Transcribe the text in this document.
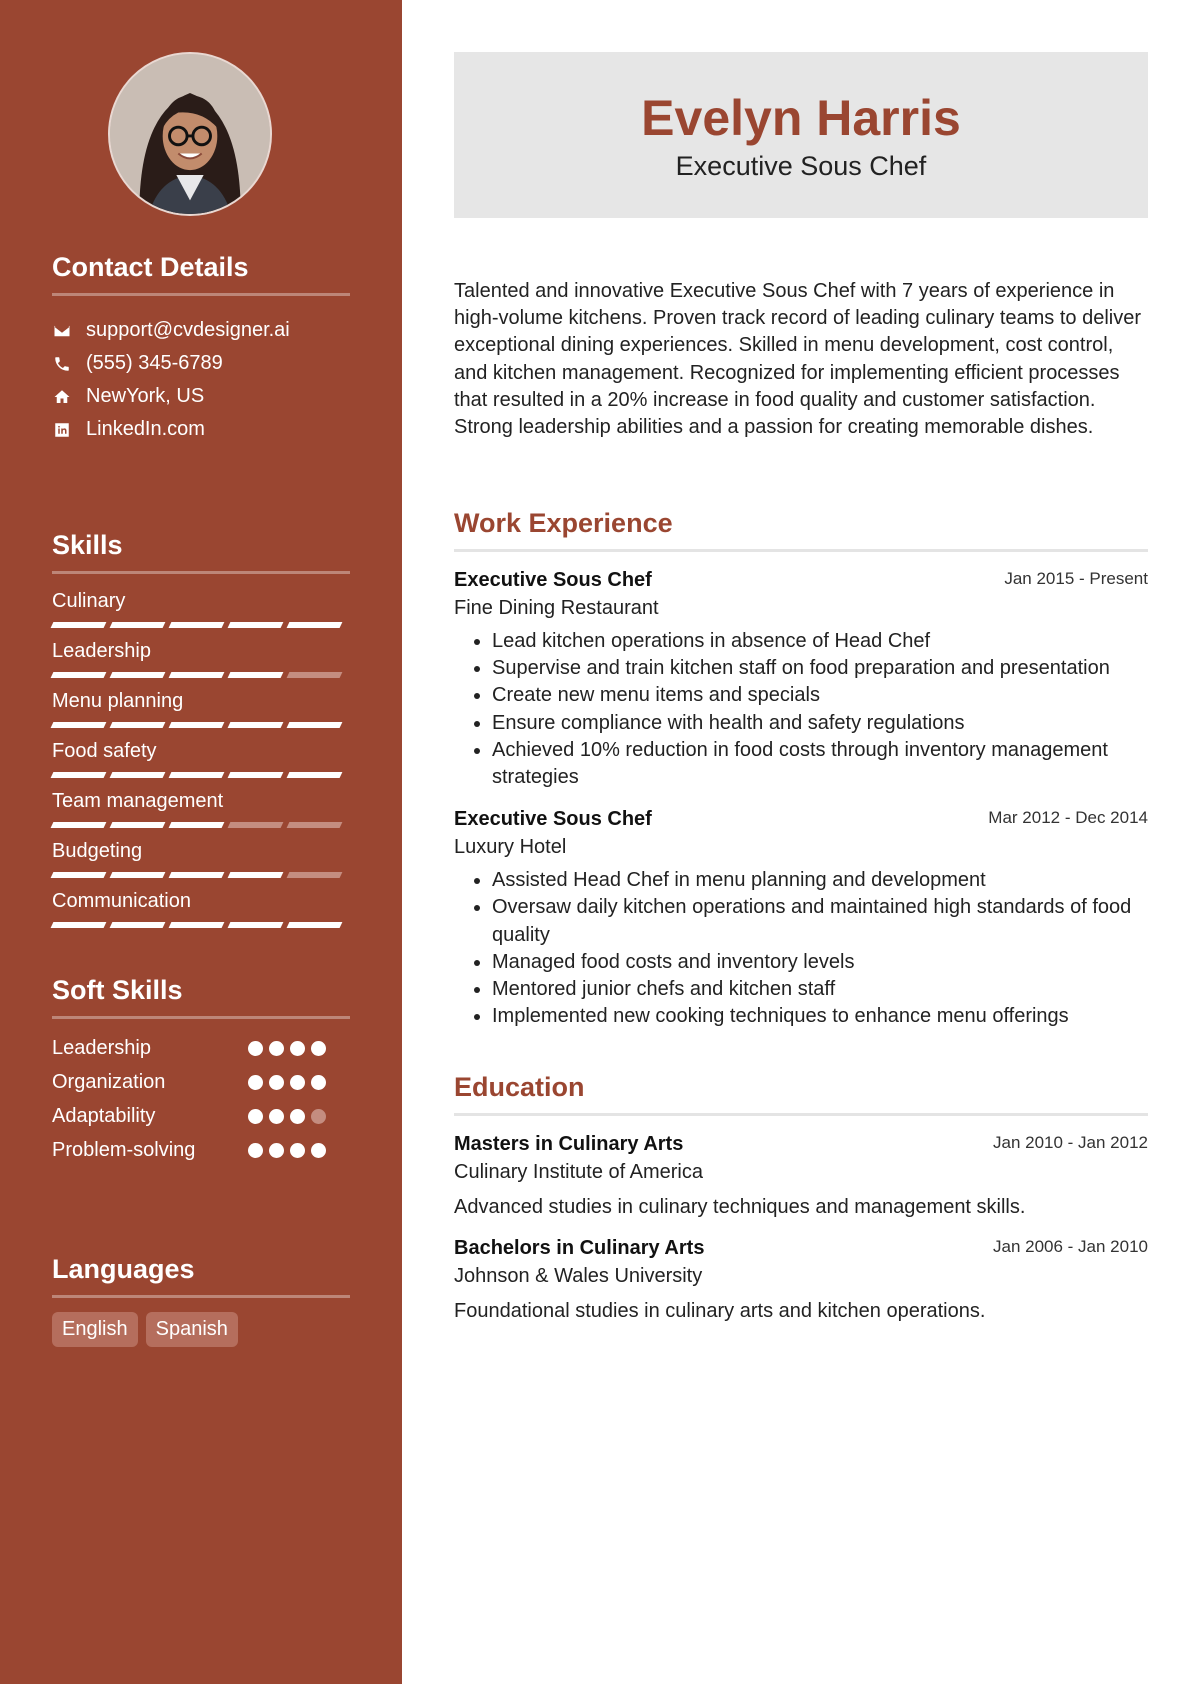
Contact Details
support@cvdesigner.ai
(555) 345-6789
NewYork, US
LinkedIn.com
Skills
Culinary
Leadership
Menu planning
Food safety
Team management
Budgeting
Communication
Soft Skills
Leadership
Organization
Adaptability
Problem-solving
Languages
English	Spanish
Evelyn Harris
Executive Sous Chef
Talented and innovative Executive Sous Chef with 7 years of experience in high-volume kitchens. Proven track record of leading culinary teams to deliver exceptional dining experiences. Skilled in menu development, cost control, and kitchen management. Recognized for implementing efficient processes that resulted in a 20% increase in food quality and customer satisfaction. Strong leadership abilities and a passion for creating memorable dishes.
Work Experience
Executive Sous Chef	Jan 2015 - Present
Fine Dining Restaurant
• Lead kitchen operations in absence of Head Chef
• Supervise and train kitchen staff on food preparation and presentation
• Create new menu items and specials
• Ensure compliance with health and safety regulations
• Achieved 10% reduction in food costs through inventory management strategies
Executive Sous Chef	Mar 2012 - Dec 2014
Luxury Hotel
• Assisted Head Chef in menu planning and development
• Oversaw daily kitchen operations and maintained high standards of food quality
• Managed food costs and inventory levels
• Mentored junior chefs and kitchen staff
• Implemented new cooking techniques to enhance menu offerings
Education
Masters in Culinary Arts	Jan 2010 - Jan 2012
Culinary Institute of America
Advanced studies in culinary techniques and management skills.
Bachelors in Culinary Arts	Jan 2006 - Jan 2010
Johnson & Wales University
Foundational studies in culinary arts and kitchen operations.
